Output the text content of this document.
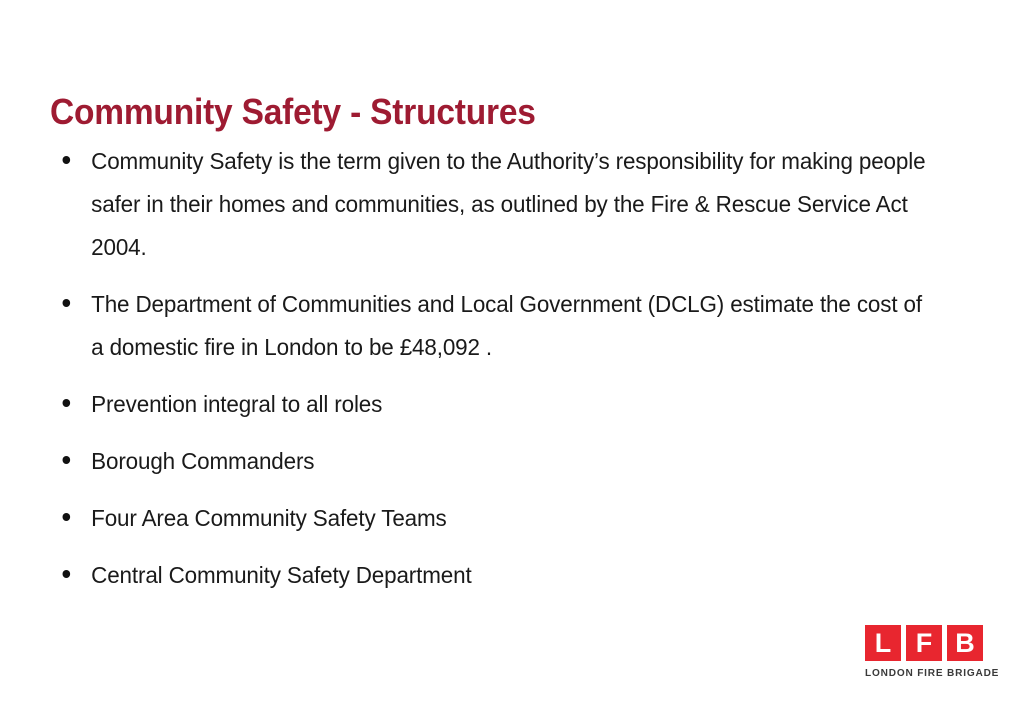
Community Safety - Structures
Community Safety is the term given to the Authority’s responsibility for making people safer in their homes and communities, as outlined by the Fire & Rescue Service Act 2004.
The Department of Communities and Local Government (DCLG) estimate the cost of a domestic fire in London to be £48,092 .
Prevention integral to all roles
Borough Commanders
Four Area Community Safety Teams
Central Community Safety Department
L F B
LONDON FIRE BRIGADE
